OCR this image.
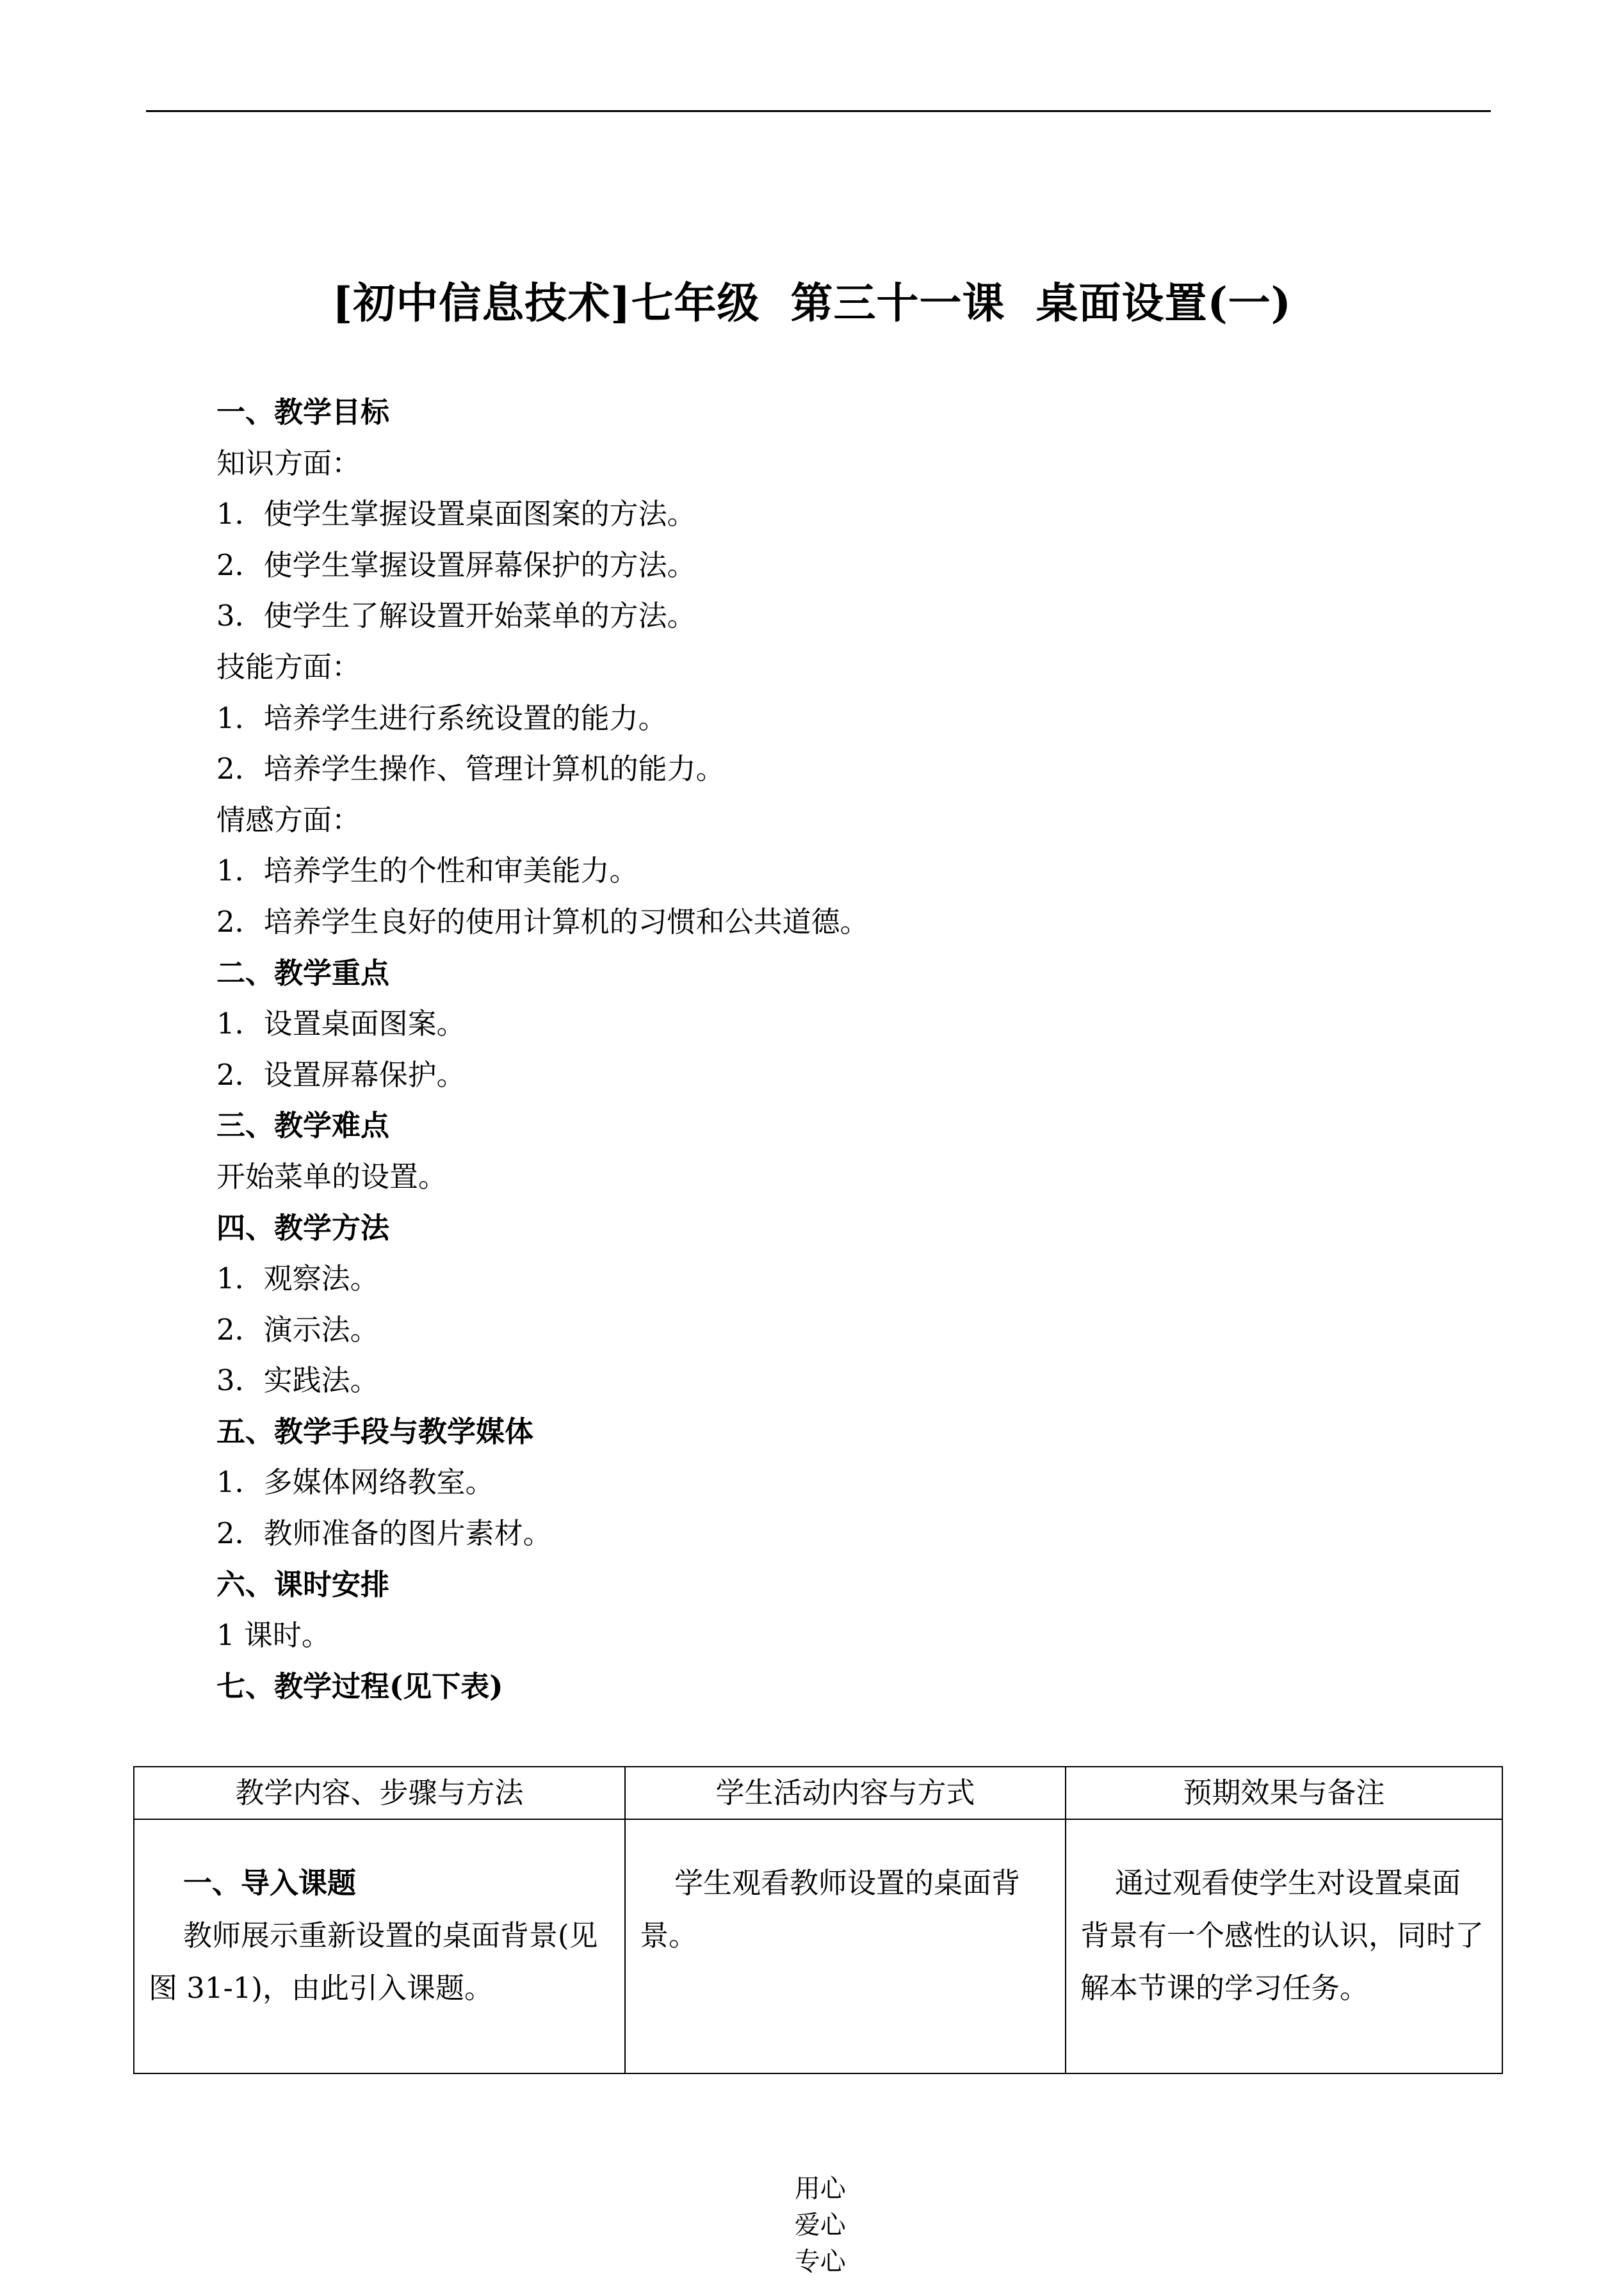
[初中信息技术]七年级  第三十一课  桌面设置(一)
一、教学目标
知识方面：
1．使学生掌握设置桌面图案的方法。
2．使学生掌握设置屏幕保护的方法。
3．使学生了解设置开始菜单的方法。
技能方面：
1．培养学生进行系统设置的能力。
2．培养学生操作、管理计算机的能力。
情感方面：
1．培养学生的个性和审美能力。
2．培养学生良好的使用计算机的习惯和公共道德。
二、教学重点
1．设置桌面图案。
2．设置屏幕保护。
三、教学难点
开始菜单的设置。
四、教学方法
1．观察法。
2．演示法。
3．实践法。
五、教学手段与教学媒体
1．多媒体网络教室。
2．教师准备的图片素材。
六、课时安排
1 课时。
七、教学过程(见下表)
教学内容、步骤与方法	学生活动内容与方式	预期效果与备注

一、导入课题
教师展示重新设置的桌面背景(见图 31-1)，由此引入课题。	学生观看教师设置的桌面背景。	通过观看使学生对设置桌面背景有一个感性的认识，同时了解本节课的学习任务。

用心
爱心
专心
